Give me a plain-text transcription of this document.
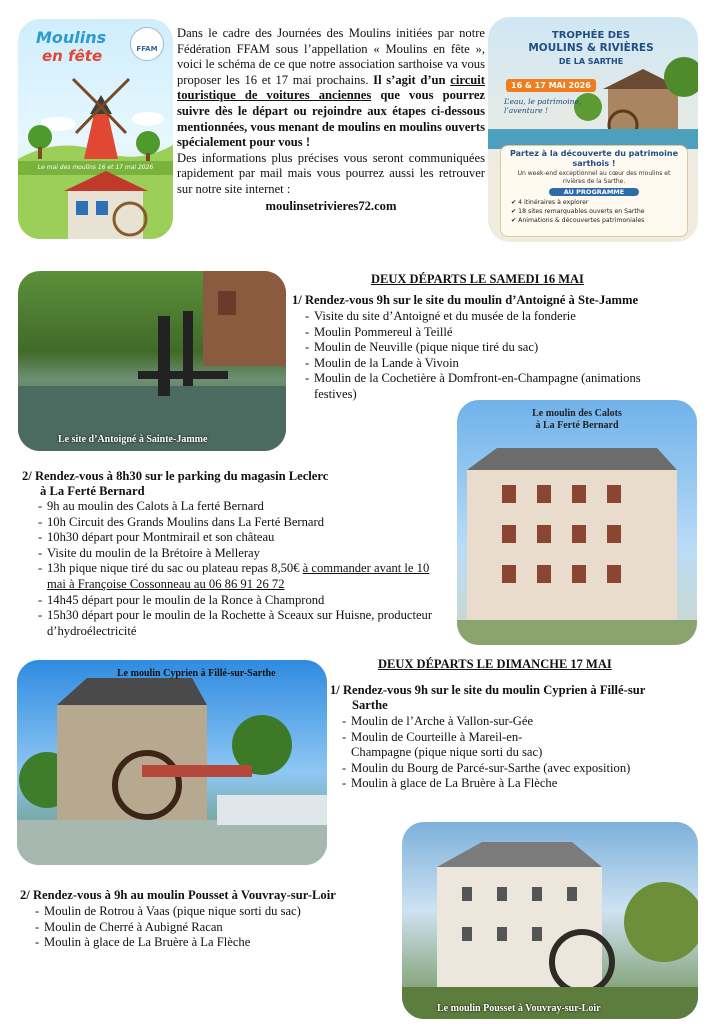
Moulins
en fête	FFAM
Le mai des moulins 16 et 17 mai 2026
Dans le cadre des Journées des Moulins initiées par notre Fédération FFAM sous l’appellation « Moulins en fête », voici le schéma de ce que notre association sarthoise va vous proposer les 16 et 17 mai prochains. Il s’agit d’un circuit touristique de voitures anciennes que vous pourrez suivre dès le départ ou rejoindre aux étapes ci-dessous mentionnées, vous menant de moulins en moulins ouverts spécialement pour vous !
Des informations plus précises vous seront communiquées rapidement par mail mais vous pourrez aussi les retrouver sur notre site internet :
moulinsetrivieres72.com
TROPHÉE DES
MOULINS & RIVIÈRES
DE LA SARTHE
16 & 17 MAI 2026
L’eau, le patrimoine, l’aventure !
Partez à la découverte du patrimoine sarthois !
Un week-end exceptionnel au cœur des moulins et rivières de la Sarthe.
AU PROGRAMME
✔ 4 itinéraires à explorer
✔ 18 sites remarquables ouverts en Sarthe
✔ Animations & découvertes patrimoniales
Le site d’Antoigné à Sainte-Jamme
DEUX DÉPARTS LE SAMEDI 16 MAI
1/ Rendez-vous 9h sur le site du moulin d’Antoigné à Ste-Jamme
- Visite du site d’Antoigné et du musée de la fonderie
- Moulin Pommereul à Teillé
- Moulin de Neuville (pique nique tiré du sac)
- Moulin de la Lande à Vivoin
- Moulin de la Cochetière à Domfront-en-Champagne (animations festives)
Le moulin des Calots
à La Ferté Bernard
2/ Rendez-vous à 8h30 sur le parking du magasin Leclerc
à La Ferté Bernard
- 9h au moulin des Calots à La ferté Bernard
- 10h Circuit des Grands Moulins dans La Ferté Bernard
- 10h30 départ pour Montmirail et son château
- Visite du moulin de la Brétoire à Melleray
- 13h pique nique tiré du sac ou plateau repas 8,50€ à commander avant le 10 mai à Françoise Cossonneau au 06 86 91 26 72
- 14h45 départ pour le moulin de la Ronce à Champrond
- 15h30 départ pour le moulin de la Rochette à Sceaux sur Huisne, producteur d’hydroélectricité
Le moulin Cyprien à Fillé-sur-Sarthe
DEUX DÉPARTS LE DIMANCHE 17 MAI
1/ Rendez-vous 9h sur le site du moulin Cyprien à Fillé-sur
Sarthe
- Moulin de l’Arche à Vallon-sur-Gée
- Moulin de Courteille à Mareil-en-Champagne (pique nique sorti du sac)
- Moulin du Bourg de Parcé-sur-Sarthe (avec exposition)
- Moulin à glace de La Bruère à La Flèche
Le moulin Pousset à Vouvray-sur-Loir
2/ Rendez-vous à 9h au moulin Pousset à Vouvray-sur-Loir
- Moulin de Rotrou à Vaas (pique nique sorti du sac)
- Moulin de Cherré à Aubigné Racan
- Moulin à glace de La Bruère à La Flèche
